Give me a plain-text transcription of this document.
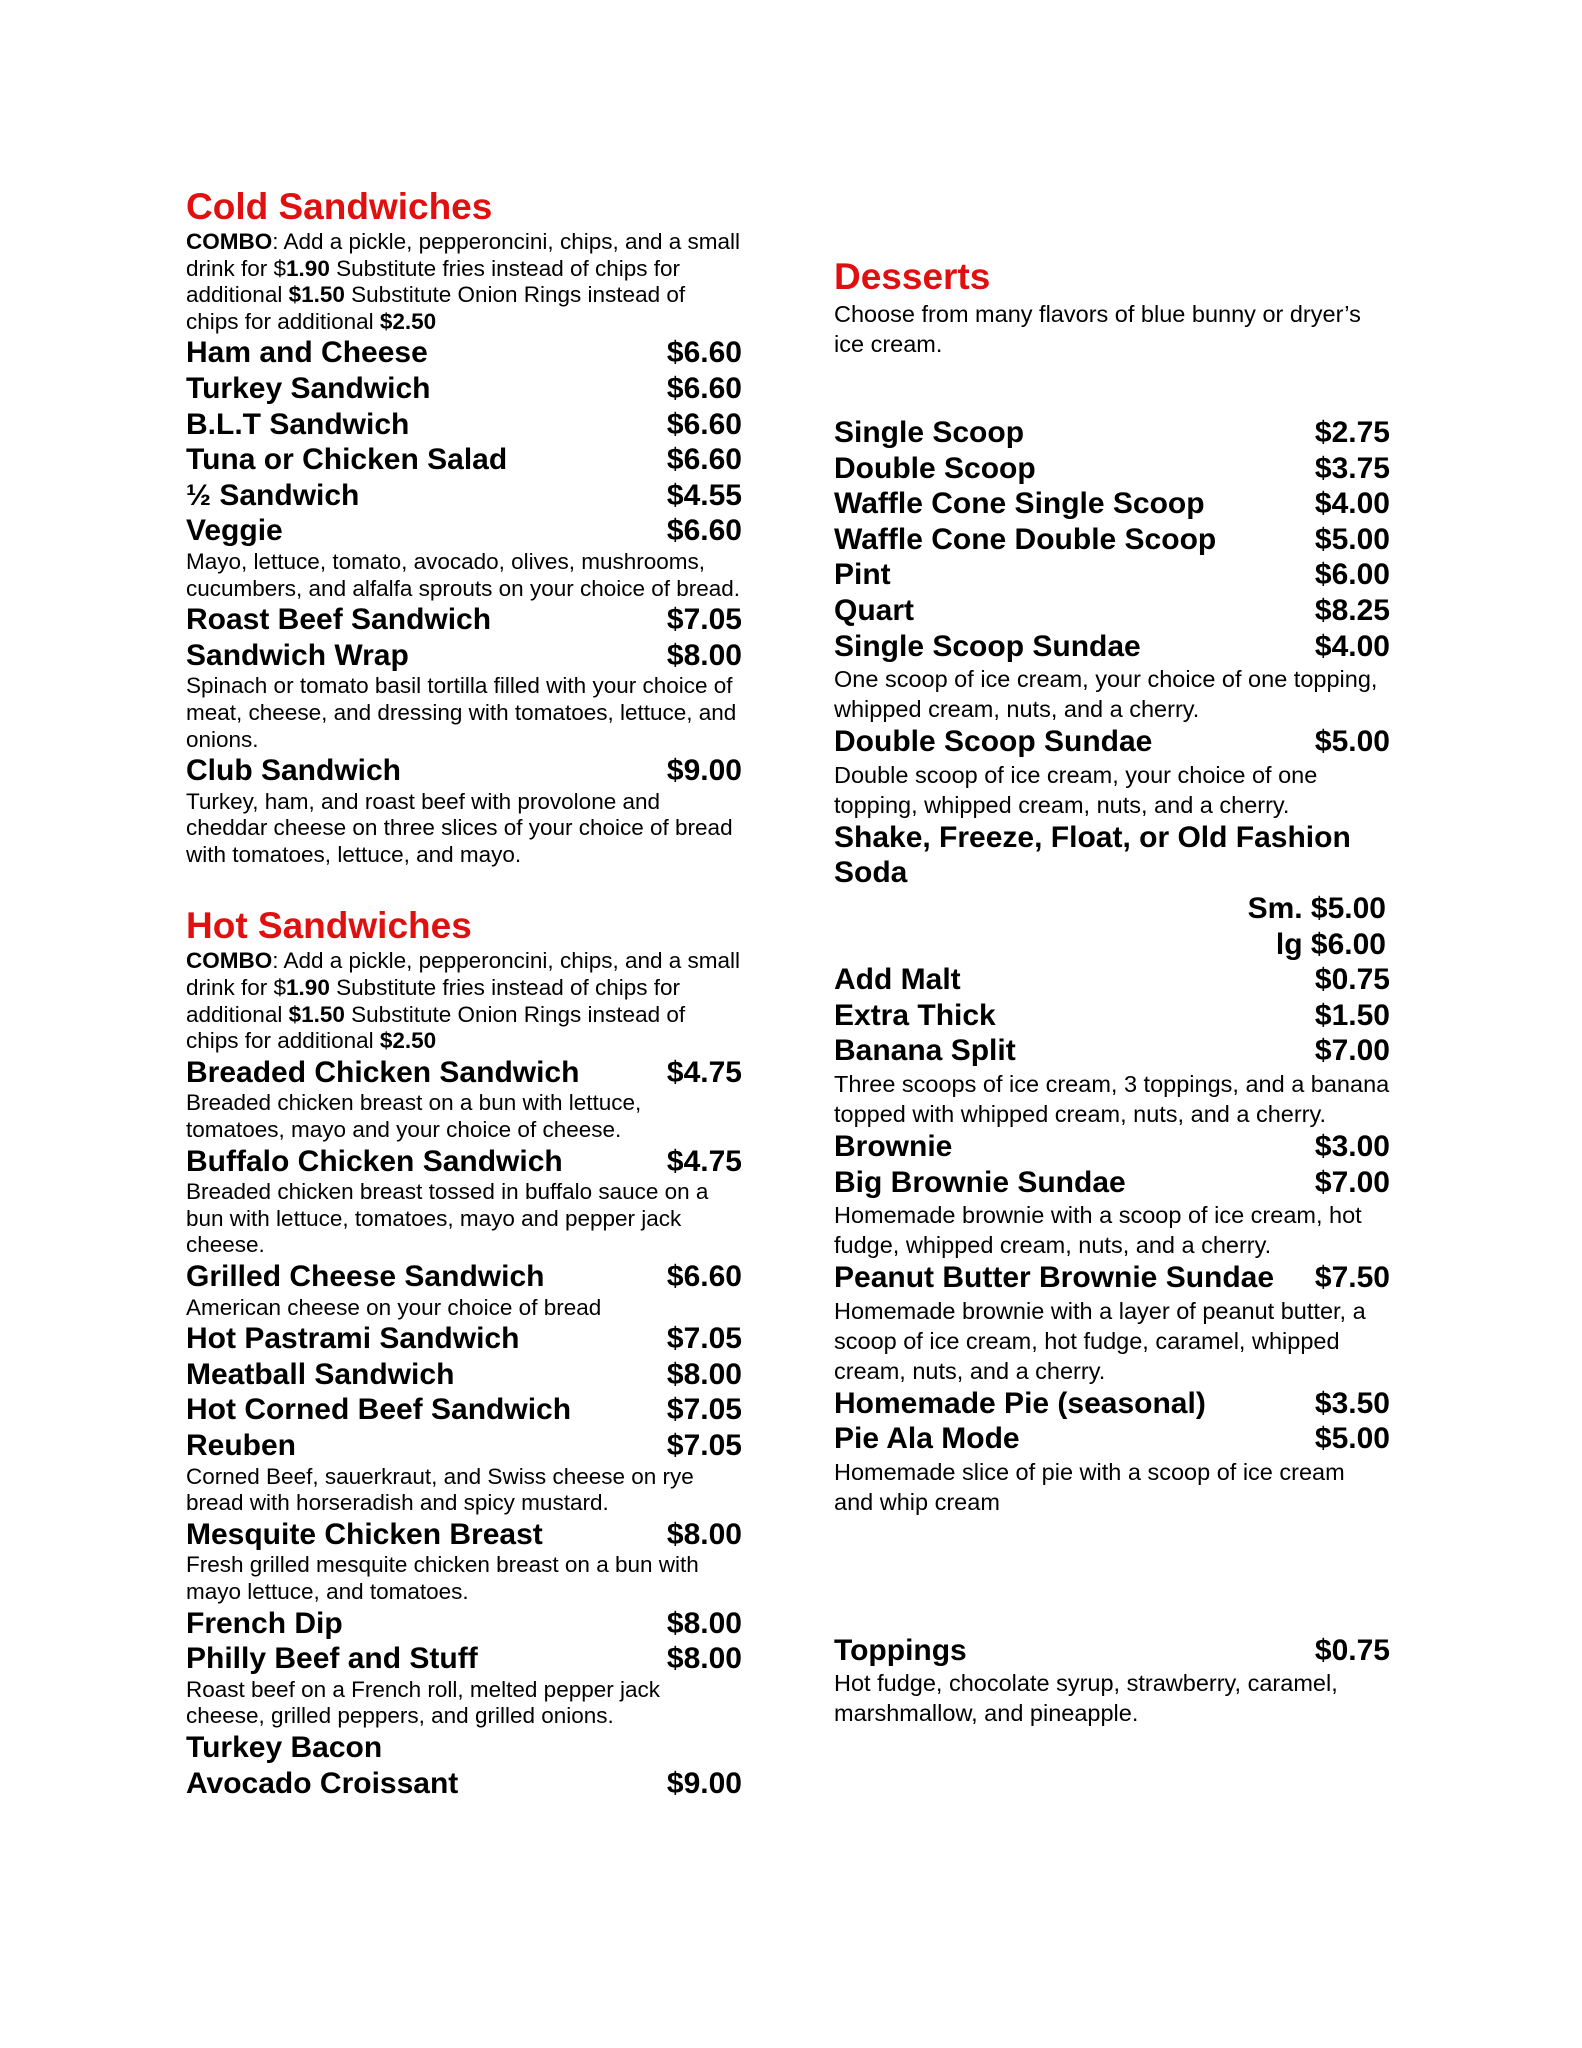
Cold Sandwiches

COMBO: Add a pickle, pepperoncini, chips, and a small drink for $1.90 Substitute fries instead of chips for additional $1.50 Substitute Onion Rings instead of chips for additional $2.50

Ham and Cheese	$6.60
Turkey Sandwich	$6.60
B.L.T Sandwich	$6.60
Tuna or Chicken Salad	$6.60
½ Sandwich	$4.55
Veggie	$6.60

Mayo, lettuce, tomato, avocado, olives, mushrooms, cucumbers, and alfalfa sprouts on your choice of bread.

Roast Beef Sandwich	$7.05
Sandwich Wrap	$8.00

Spinach or tomato basil tortilla filled with your choice of meat, cheese, and dressing with tomatoes, lettuce, and onions.

Club Sandwich	$9.00

Turkey, ham, and roast beef with provolone and cheddar cheese on three slices of your choice of bread with tomatoes, lettuce, and mayo.

Hot Sandwiches

COMBO: Add a pickle, pepperoncini, chips, and a small drink for $1.90 Substitute fries instead of chips for additional $1.50 Substitute Onion Rings instead of chips for additional $2.50

Breaded Chicken Sandwich	$4.75

Breaded chicken breast on a bun with lettuce, tomatoes, mayo and your choice of cheese.

Buffalo Chicken Sandwich	$4.75

Breaded chicken breast tossed in buffalo sauce on a bun with lettuce, tomatoes, mayo and pepper jack cheese.

Grilled Cheese Sandwich	$6.60

American cheese on your choice of bread

Hot Pastrami Sandwich	$7.05
Meatball Sandwich	$8.00
Hot Corned Beef Sandwich	$7.05
Reuben	$7.05

Corned Beef, sauerkraut, and Swiss cheese on rye bread with horseradish and spicy mustard.

Mesquite Chicken Breast	$8.00

Fresh grilled mesquite chicken breast on a bun with mayo lettuce, and tomatoes.

French Dip	$8.00
Philly Beef and Stuff	$8.00

Roast beef on a French roll, melted pepper jack cheese, grilled peppers, and grilled onions.

Turkey Bacon
Avocado Croissant	$9.00
Desserts

Choose from many flavors of blue bunny or dryer’s ice cream.

Single Scoop	$2.75
Double Scoop	$3.75
Waffle Cone Single Scoop	$4.00
Waffle Cone Double Scoop	$5.00
Pint	$6.00
Quart	$8.25
Single Scoop Sundae	$4.00

One scoop of ice cream, your choice of one topping, whipped cream, nuts, and a cherry.

Double Scoop Sundae	$5.00

Double scoop of ice cream, your choice of one topping, whipped cream, nuts, and a cherry.

Shake, Freeze, Float, or Old Fashion Soda
Sm. $5.00
lg $6.00
Add Malt	$0.75
Extra Thick	$1.50
Banana Split	$7.00

Three scoops of ice cream, 3 toppings, and a banana topped with whipped cream, nuts, and a cherry.

Brownie	$3.00
Big Brownie Sundae	$7.00

Homemade brownie with a scoop of ice cream, hot fudge, whipped cream, nuts, and a cherry.

Peanut Butter Brownie Sundae $7.50

Homemade brownie with a layer of peanut butter, a scoop of ice cream, hot fudge, caramel, whipped cream, nuts, and a cherry.

Homemade Pie (seasonal)	$3.50
Pie Ala Mode	$5.00

Homemade slice of pie with a scoop of ice cream and whip cream

Toppings	$0.75

Hot fudge, chocolate syrup, strawberry, caramel, marshmallow, and pineapple.
